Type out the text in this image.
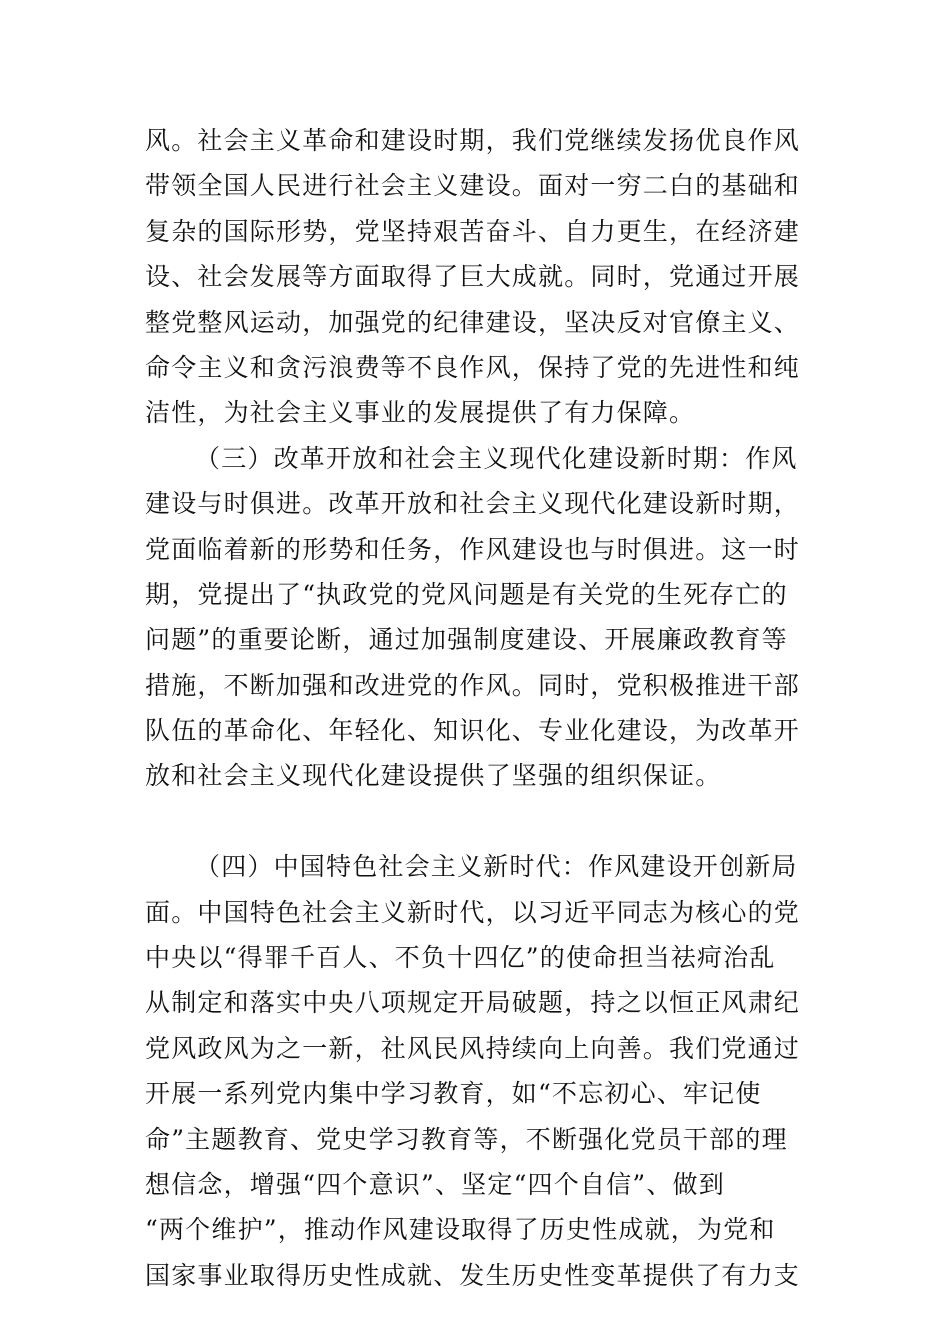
风。社会主义革命和建设时期，我们党继续发扬优良作风
带领全国人民进行社会主义建设。面对一穷二白的基础和
复杂的国际形势，党坚持艰苦奋斗、自力更生，在经济建
设、社会发展等方面取得了巨大成就。同时，党通过开展
整党整风运动，加强党的纪律建设，坚决反对官僚主义、
命令主义和贪污浪费等不良作风，保持了党的先进性和纯
洁性，为社会主义事业的发展提供了有力保障。
（三）改革开放和社会主义现代化建设新时期：作风
建设与时俱进。改革开放和社会主义现代化建设新时期，
党面临着新的形势和任务，作风建设也与时俱进。这一时
期，党提出了“执政党的党风问题是有关党的生死存亡的
问题”的重要论断，通过加强制度建设、开展廉政教育等
措施，不断加强和改进党的作风。同时，党积极推进干部
队伍的革命化、年轻化、知识化、专业化建设，为改革开
放和社会主义现代化建设提供了坚强的组织保证。
（四）中国特色社会主义新时代：作风建设开创新局
面。中国特色社会主义新时代，以习近平同志为核心的党
中央以“得罪千百人、不负十四亿”的使命担当祛疴治乱
从制定和落实中央八项规定开局破题，持之以恒正风肃纪
党风政风为之一新，社风民风持续向上向善。我们党通过
开展一系列党内集中学习教育，如“不忘初心、牢记使
命”主题教育、党史学习教育等，不断强化党员干部的理
想信念，增强“四个意识”、坚定“四个自信”、做到
“两个维护”，推动作风建设取得了历史性成就，为党和
国家事业取得历史性成就、发生历史性变革提供了有力支
